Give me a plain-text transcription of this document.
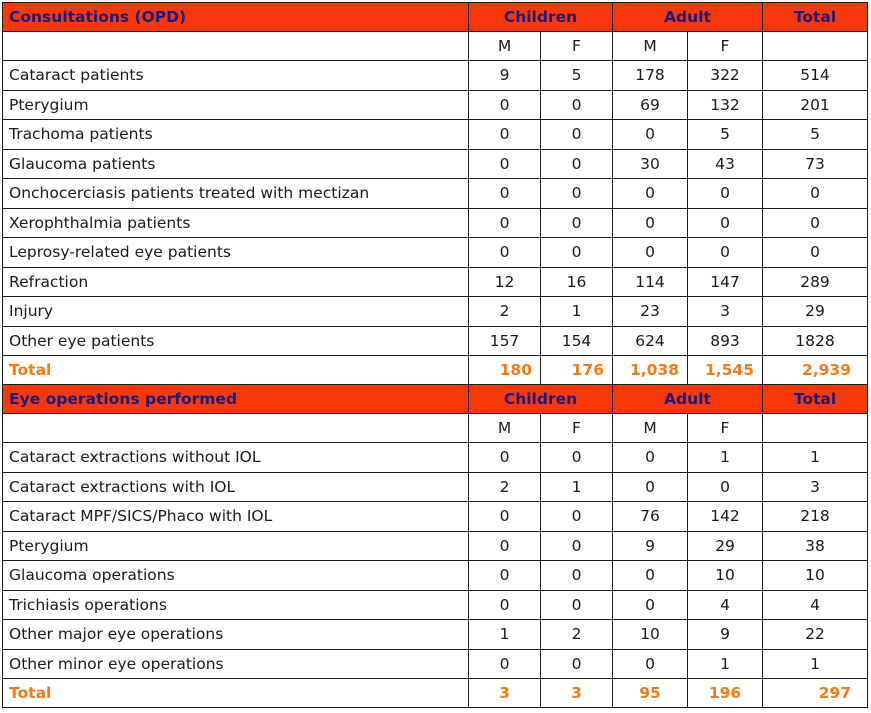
Consultations (OPD)	Children		Adult		Total
	M	F	M	F	
Cataract patients	9	5	178	322	514
Pterygium	0	0	69	132	201
Trachoma patients	0	0	0	5	5
Glaucoma patients	0	0	30	43	73
Onchocerciasis patients treated with mectizan	0	0	0	0	0
Xerophthalmia patients	0	0	0	0	0
Leprosy-related eye patients	0	0	0	0	0
Refraction	12	16	114	147	289
Injury	2	1	23	3	29
Other eye patients	157	154	624	893	1828
Total	180	176	1,038	1,545	2,939
Eye operations performed	Children		Adult		Total
	M	F	M	F	
Cataract extractions without IOL	0	0	0	1	1
Cataract extractions with IOL	2	1	0	0	3
Cataract MPF/SICS/Phaco with IOL	0	0	76	142	218
Pterygium	0	0	9	29	38
Glaucoma operations	0	0	0	10	10
Trichiasis operations	0	0	0	4	4
Other major eye operations	1	2	10	9	22
Other minor eye operations	0	0	0	1	1
Total	3	3	95	196	297
